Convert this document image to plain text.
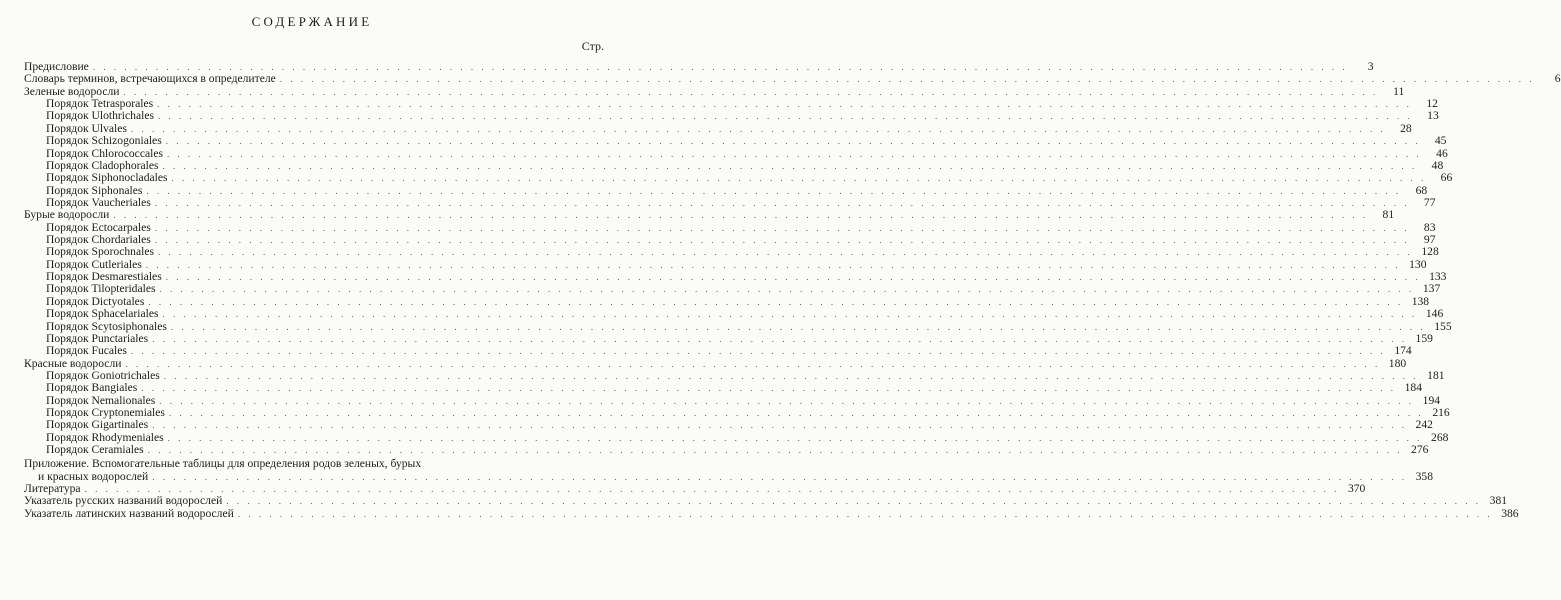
СОДЕРЖАНИЕ
Стр.
Предисловие . . . . . . . . . . . . . . . . . . . . . . . . . . . . . . . . . . . . . . . . . . . . . . . . . . . . . . . . . . . . . . . . . . . . . . . . . . . . . . . . . . . . . . . . . . . . . . . . . . . . . . . . . . . . . . . . . . . . . . . .	3
Словарь терминов, встречающихся в определителе . . . . . . . . . . . . . . . . . . . . . . . . . . . . . . . . . . . . . . . . . . . . . . . . . . . . . . . . . . . . . . . . . . . . . . . . . . . . . . . . . . . . . . . . . . . . . . . . . . . . . . . . . . . . . . . . . . . . . . . .	6
Зеленые водоросли . . . . . . . . . . . . . . . . . . . . . . . . . . . . . . . . . . . . . . . . . . . . . . . . . . . . . . . . . . . . . . . . . . . . . . . . . . . . . . . . . . . . . . . . . . . . . . . . . . . . . . . . . . . . . . . . . . . . . . . .	11
Порядок Tetrasporales . . . . . . . . . . . . . . . . . . . . . . . . . . . . . . . . . . . . . . . . . . . . . . . . . . . . . . . . . . . . . . . . . . . . . . . . . . . . . . . . . . . . . . . . . . . . . . . . . . . . . . . . . . . . . . . . . . . . . . . .	12
Порядок Ulothrichales . . . . . . . . . . . . . . . . . . . . . . . . . . . . . . . . . . . . . . . . . . . . . . . . . . . . . . . . . . . . . . . . . . . . . . . . . . . . . . . . . . . . . . . . . . . . . . . . . . . . . . . . . . . . . . . . . . . . . . . .	13
Порядок Ulvales . . . . . . . . . . . . . . . . . . . . . . . . . . . . . . . . . . . . . . . . . . . . . . . . . . . . . . . . . . . . . . . . . . . . . . . . . . . . . . . . . . . . . . . . . . . . . . . . . . . . . . . . . . . . . . . . . . . . . . . .	28
Порядок Schizogoniales . . . . . . . . . . . . . . . . . . . . . . . . . . . . . . . . . . . . . . . . . . . . . . . . . . . . . . . . . . . . . . . . . . . . . . . . . . . . . . . . . . . . . . . . . . . . . . . . . . . . . . . . . . . . . . . . . . . . . . . .	45
Порядок Chlorococcales . . . . . . . . . . . . . . . . . . . . . . . . . . . . . . . . . . . . . . . . . . . . . . . . . . . . . . . . . . . . . . . . . . . . . . . . . . . . . . . . . . . . . . . . . . . . . . . . . . . . . . . . . . . . . . . . . . . . . . . .	46
Порядок Cladophorales . . . . . . . . . . . . . . . . . . . . . . . . . . . . . . . . . . . . . . . . . . . . . . . . . . . . . . . . . . . . . . . . . . . . . . . . . . . . . . . . . . . . . . . . . . . . . . . . . . . . . . . . . . . . . . . . . . . . . . . .	48
Порядок Siphonocladales . . . . . . . . . . . . . . . . . . . . . . . . . . . . . . . . . . . . . . . . . . . . . . . . . . . . . . . . . . . . . . . . . . . . . . . . . . . . . . . . . . . . . . . . . . . . . . . . . . . . . . . . . . . . . . . . . . . . . . . .	66
Порядок Siphonales . . . . . . . . . . . . . . . . . . . . . . . . . . . . . . . . . . . . . . . . . . . . . . . . . . . . . . . . . . . . . . . . . . . . . . . . . . . . . . . . . . . . . . . . . . . . . . . . . . . . . . . . . . . . . . . . . . . . . . . .	68
Порядок Vaucheriales . . . . . . . . . . . . . . . . . . . . . . . . . . . . . . . . . . . . . . . . . . . . . . . . . . . . . . . . . . . . . . . . . . . . . . . . . . . . . . . . . . . . . . . . . . . . . . . . . . . . . . . . . . . . . . . . . . . . . . . .	77
Бурые водоросли . . . . . . . . . . . . . . . . . . . . . . . . . . . . . . . . . . . . . . . . . . . . . . . . . . . . . . . . . . . . . . . . . . . . . . . . . . . . . . . . . . . . . . . . . . . . . . . . . . . . . . . . . . . . . . . . . . . . . . . .	81
Порядок Ectocarpales . . . . . . . . . . . . . . . . . . . . . . . . . . . . . . . . . . . . . . . . . . . . . . . . . . . . . . . . . . . . . . . . . . . . . . . . . . . . . . . . . . . . . . . . . . . . . . . . . . . . . . . . . . . . . . . . . . . . . . . .	83
Порядок Chordariales . . . . . . . . . . . . . . . . . . . . . . . . . . . . . . . . . . . . . . . . . . . . . . . . . . . . . . . . . . . . . . . . . . . . . . . . . . . . . . . . . . . . . . . . . . . . . . . . . . . . . . . . . . . . . . . . . . . . . . . .	97
Порядок Sporochnales . . . . . . . . . . . . . . . . . . . . . . . . . . . . . . . . . . . . . . . . . . . . . . . . . . . . . . . . . . . . . . . . . . . . . . . . . . . . . . . . . . . . . . . . . . . . . . . . . . . . . . . . . . . . . . . . . . . . . . . . 128
Порядок Cutleriales . . . . . . . . . . . . . . . . . . . . . . . . . . . . . . . . . . . . . . . . . . . . . . . . . . . . . . . . . . . . . . . . . . . . . . . . . . . . . . . . . . . . . . . . . . . . . . . . . . . . . . . . . . . . . . . . . . . . . . . . 130
Порядок Desmarestiales . . . . . . . . . . . . . . . . . . . . . . . . . . . . . . . . . . . . . . . . . . . . . . . . . . . . . . . . . . . . . . . . . . . . . . . . . . . . . . . . . . . . . . . . . . . . . . . . . . . . . . . . . . . . . . . . . . . . . . . . 133
Порядок Tilopteridales . . . . . . . . . . . . . . . . . . . . . . . . . . . . . . . . . . . . . . . . . . . . . . . . . . . . . . . . . . . . . . . . . . . . . . . . . . . . . . . . . . . . . . . . . . . . . . . . . . . . . . . . . . . . . . . . . . . . . . . . 137
Порядок Dictyotales . . . . . . . . . . . . . . . . . . . . . . . . . . . . . . . . . . . . . . . . . . . . . . . . . . . . . . . . . . . . . . . . . . . . . . . . . . . . . . . . . . . . . . . . . . . . . . . . . . . . . . . . . . . . . . . . . . . . . . . . 138
Порядок Sphacelariales . . . . . . . . . . . . . . . . . . . . . . . . . . . . . . . . . . . . . . . . . . . . . . . . . . . . . . . . . . . . . . . . . . . . . . . . . . . . . . . . . . . . . . . . . . . . . . . . . . . . . . . . . . . . . . . . . . . . . . . . 146
Порядок Scytosiphonales . . . . . . . . . . . . . . . . . . . . . . . . . . . . . . . . . . . . . . . . . . . . . . . . . . . . . . . . . . . . . . . . . . . . . . . . . . . . . . . . . . . . . . . . . . . . . . . . . . . . . . . . . . . . . . . . . . . . . . . . 155
Порядок Punctariales . . . . . . . . . . . . . . . . . . . . . . . . . . . . . . . . . . . . . . . . . . . . . . . . . . . . . . . . . . . . . . . . . . . . . . . . . . . . . . . . . . . . . . . . . . . . . . . . . . . . . . . . . . . . . . . . . . . . . . . . 159
Порядок Fucales . . . . . . . . . . . . . . . . . . . . . . . . . . . . . . . . . . . . . . . . . . . . . . . . . . . . . . . . . . . . . . . . . . . . . . . . . . . . . . . . . . . . . . . . . . . . . . . . . . . . . . . . . . . . . . . . . . . . . . . . 174
Красные водоросли . . . . . . . . . . . . . . . . . . . . . . . . . . . . . . . . . . . . . . . . . . . . . . . . . . . . . . . . . . . . . . . . . . . . . . . . . . . . . . . . . . . . . . . . . . . . . . . . . . . . . . . . . . . . . . . . . . . . . . . . 180
Порядок Goniotrichales . . . . . . . . . . . . . . . . . . . . . . . . . . . . . . . . . . . . . . . . . . . . . . . . . . . . . . . . . . . . . . . . . . . . . . . . . . . . . . . . . . . . . . . . . . . . . . . . . . . . . . . . . . . . . . . . . . . . . . . . 181
Порядок Bangiales . . . . . . . . . . . . . . . . . . . . . . . . . . . . . . . . . . . . . . . . . . . . . . . . . . . . . . . . . . . . . . . . . . . . . . . . . . . . . . . . . . . . . . . . . . . . . . . . . . . . . . . . . . . . . . . . . . . . . . . . 184
Порядок Nemalionales . . . . . . . . . . . . . . . . . . . . . . . . . . . . . . . . . . . . . . . . . . . . . . . . . . . . . . . . . . . . . . . . . . . . . . . . . . . . . . . . . . . . . . . . . . . . . . . . . . . . . . . . . . . . . . . . . . . . . . . . 194
Порядок Cryptonemiales . . . . . . . . . . . . . . . . . . . . . . . . . . . . . . . . . . . . . . . . . . . . . . . . . . . . . . . . . . . . . . . . . . . . . . . . . . . . . . . . . . . . . . . . . . . . . . . . . . . . . . . . . . . . . . . . . . . . . . . . 216
Порядок Gigartinales . . . . . . . . . . . . . . . . . . . . . . . . . . . . . . . . . . . . . . . . . . . . . . . . . . . . . . . . . . . . . . . . . . . . . . . . . . . . . . . . . . . . . . . . . . . . . . . . . . . . . . . . . . . . . . . . . . . . . . . . 242
Порядок Rhodymeniales . . . . . . . . . . . . . . . . . . . . . . . . . . . . . . . . . . . . . . . . . . . . . . . . . . . . . . . . . . . . . . . . . . . . . . . . . . . . . . . . . . . . . . . . . . . . . . . . . . . . . . . . . . . . . . . . . . . . . . . . 268
Порядок Ceramiales . . . . . . . . . . . . . . . . . . . . . . . . . . . . . . . . . . . . . . . . . . . . . . . . . . . . . . . . . . . . . . . . . . . . . . . . . . . . . . . . . . . . . . . . . . . . . . . . . . . . . . . . . . . . . . . . . . . . . . . . 276
Приложение. Вспомогательные таблицы для определения родов зеленых, бурых
и красных водорослей . . . . . . . . . . . . . . . . . . . . . . . . . . . . . . . . . . . . . . . . . . . . . . . . . . . . . . . . . . . . . . . . . . . . . . . . . . . . . . . . . . . . . . . . . . . . . . . . . . . . . . . . . . . . . . . . . . . . . . . . 358
Литература . . . . . . . . . . . . . . . . . . . . . . . . . . . . . . . . . . . . . . . . . . . . . . . . . . . . . . . . . . . . . . . . . . . . . . . . . . . . . . . . . . . . . . . . . . . . . . . . . . . . . . . . . . . . . . . . . . . . . . . . 370
Указатель русских названий водорослей . . . . . . . . . . . . . . . . . . . . . . . . . . . . . . . . . . . . . . . . . . . . . . . . . . . . . . . . . . . . . . . . . . . . . . . . . . . . . . . . . . . . . . . . . . . . . . . . . . . . . . . . . . . . . . . . . . . . . . . . 381
Указатель латинских названий водорослей . . . . . . . . . . . . . . . . . . . . . . . . . . . . . . . . . . . . . . . . . . . . . . . . . . . . . . . . . . . . . . . . . . . . . . . . . . . . . . . . . . . . . . . . . . . . . . . . . . . . . . . . . . . . . . . . . . . . . . . . 386
